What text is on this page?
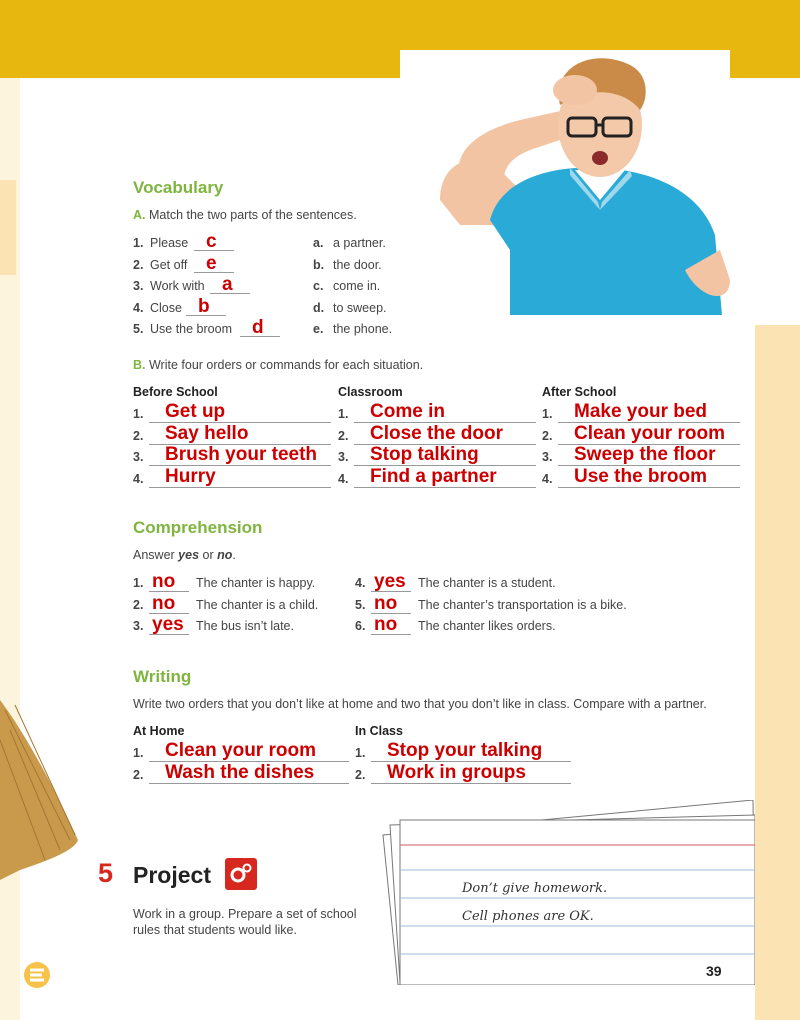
Vocabulary
A. Match the two parts of the sentences.
1. Please c
2. Get off e
3. Work with a
4. Close b
5. Use the broom d
a. a partner.
b. the door.
c. come in.
d. to sweep.
e. the phone.
B. Write four orders or commands for each situation.
Before School
1. Get up
2. Say hello
3. Brush your teeth
4. Hurry
Classroom
1. Come in
2. Close the door
3. Stop talking
4. Find a partner
After School
1. Make your bed
2. Clean your room
3. Sweep the floor
4. Use the broom
Comprehension
Answer yes or no.
1. no The chanter is happy.
2. no The chanter is a child.
3. yes The bus isn’t late.
4. yes The chanter is a student.
5. no The chanter’s transportation is a bike.
6. no The chanter likes orders.
Writing
Write two orders that you don’t like at home and two that you don’t like in class. Compare with a partner.
At Home
1. Clean your room
2. Wash the dishes
In Class
1. Stop your talking
2. Work in groups
5 Project
Work in a group. Prepare a set of school
rules that students would like.
Don’t give homework.
Cell phones are OK.
39
